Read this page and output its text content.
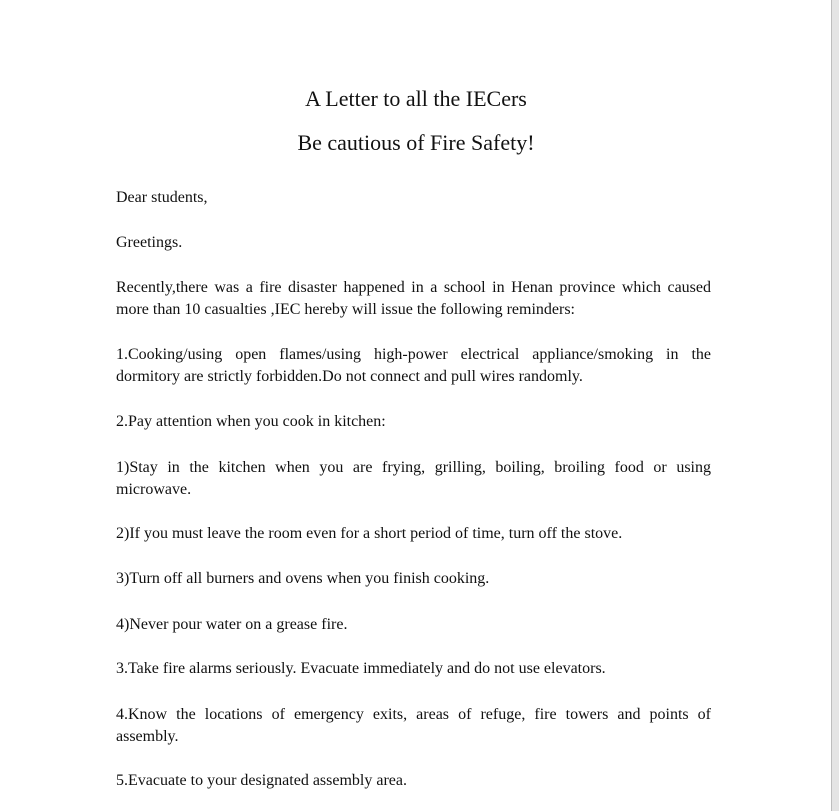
A Letter to all the IECers
Be cautious of Fire Safety!

Dear students,

Greetings.

Recently,there was a fire disaster happened in a school in Henan province which caused more than 10 casualties ,IEC hereby will issue the following reminders:

1.Cooking/using open flames/using high-power electrical appliance/smoking in the dormitory are strictly forbidden.Do not connect and pull wires randomly.

2.Pay attention when you cook in kitchen:

1)Stay in the kitchen when you are frying, grilling, boiling, broiling food or using microwave.

2)If you must leave the room even for a short period of time, turn off the stove.

3)Turn off all burners and ovens when you finish cooking.

4)Never pour water on a grease fire.

3.Take fire alarms seriously. Evacuate immediately and do not use elevators.

4.Know the locations of emergency exits, areas of refuge, fire towers and points of assembly.

5.Evacuate to your designated assembly area.
